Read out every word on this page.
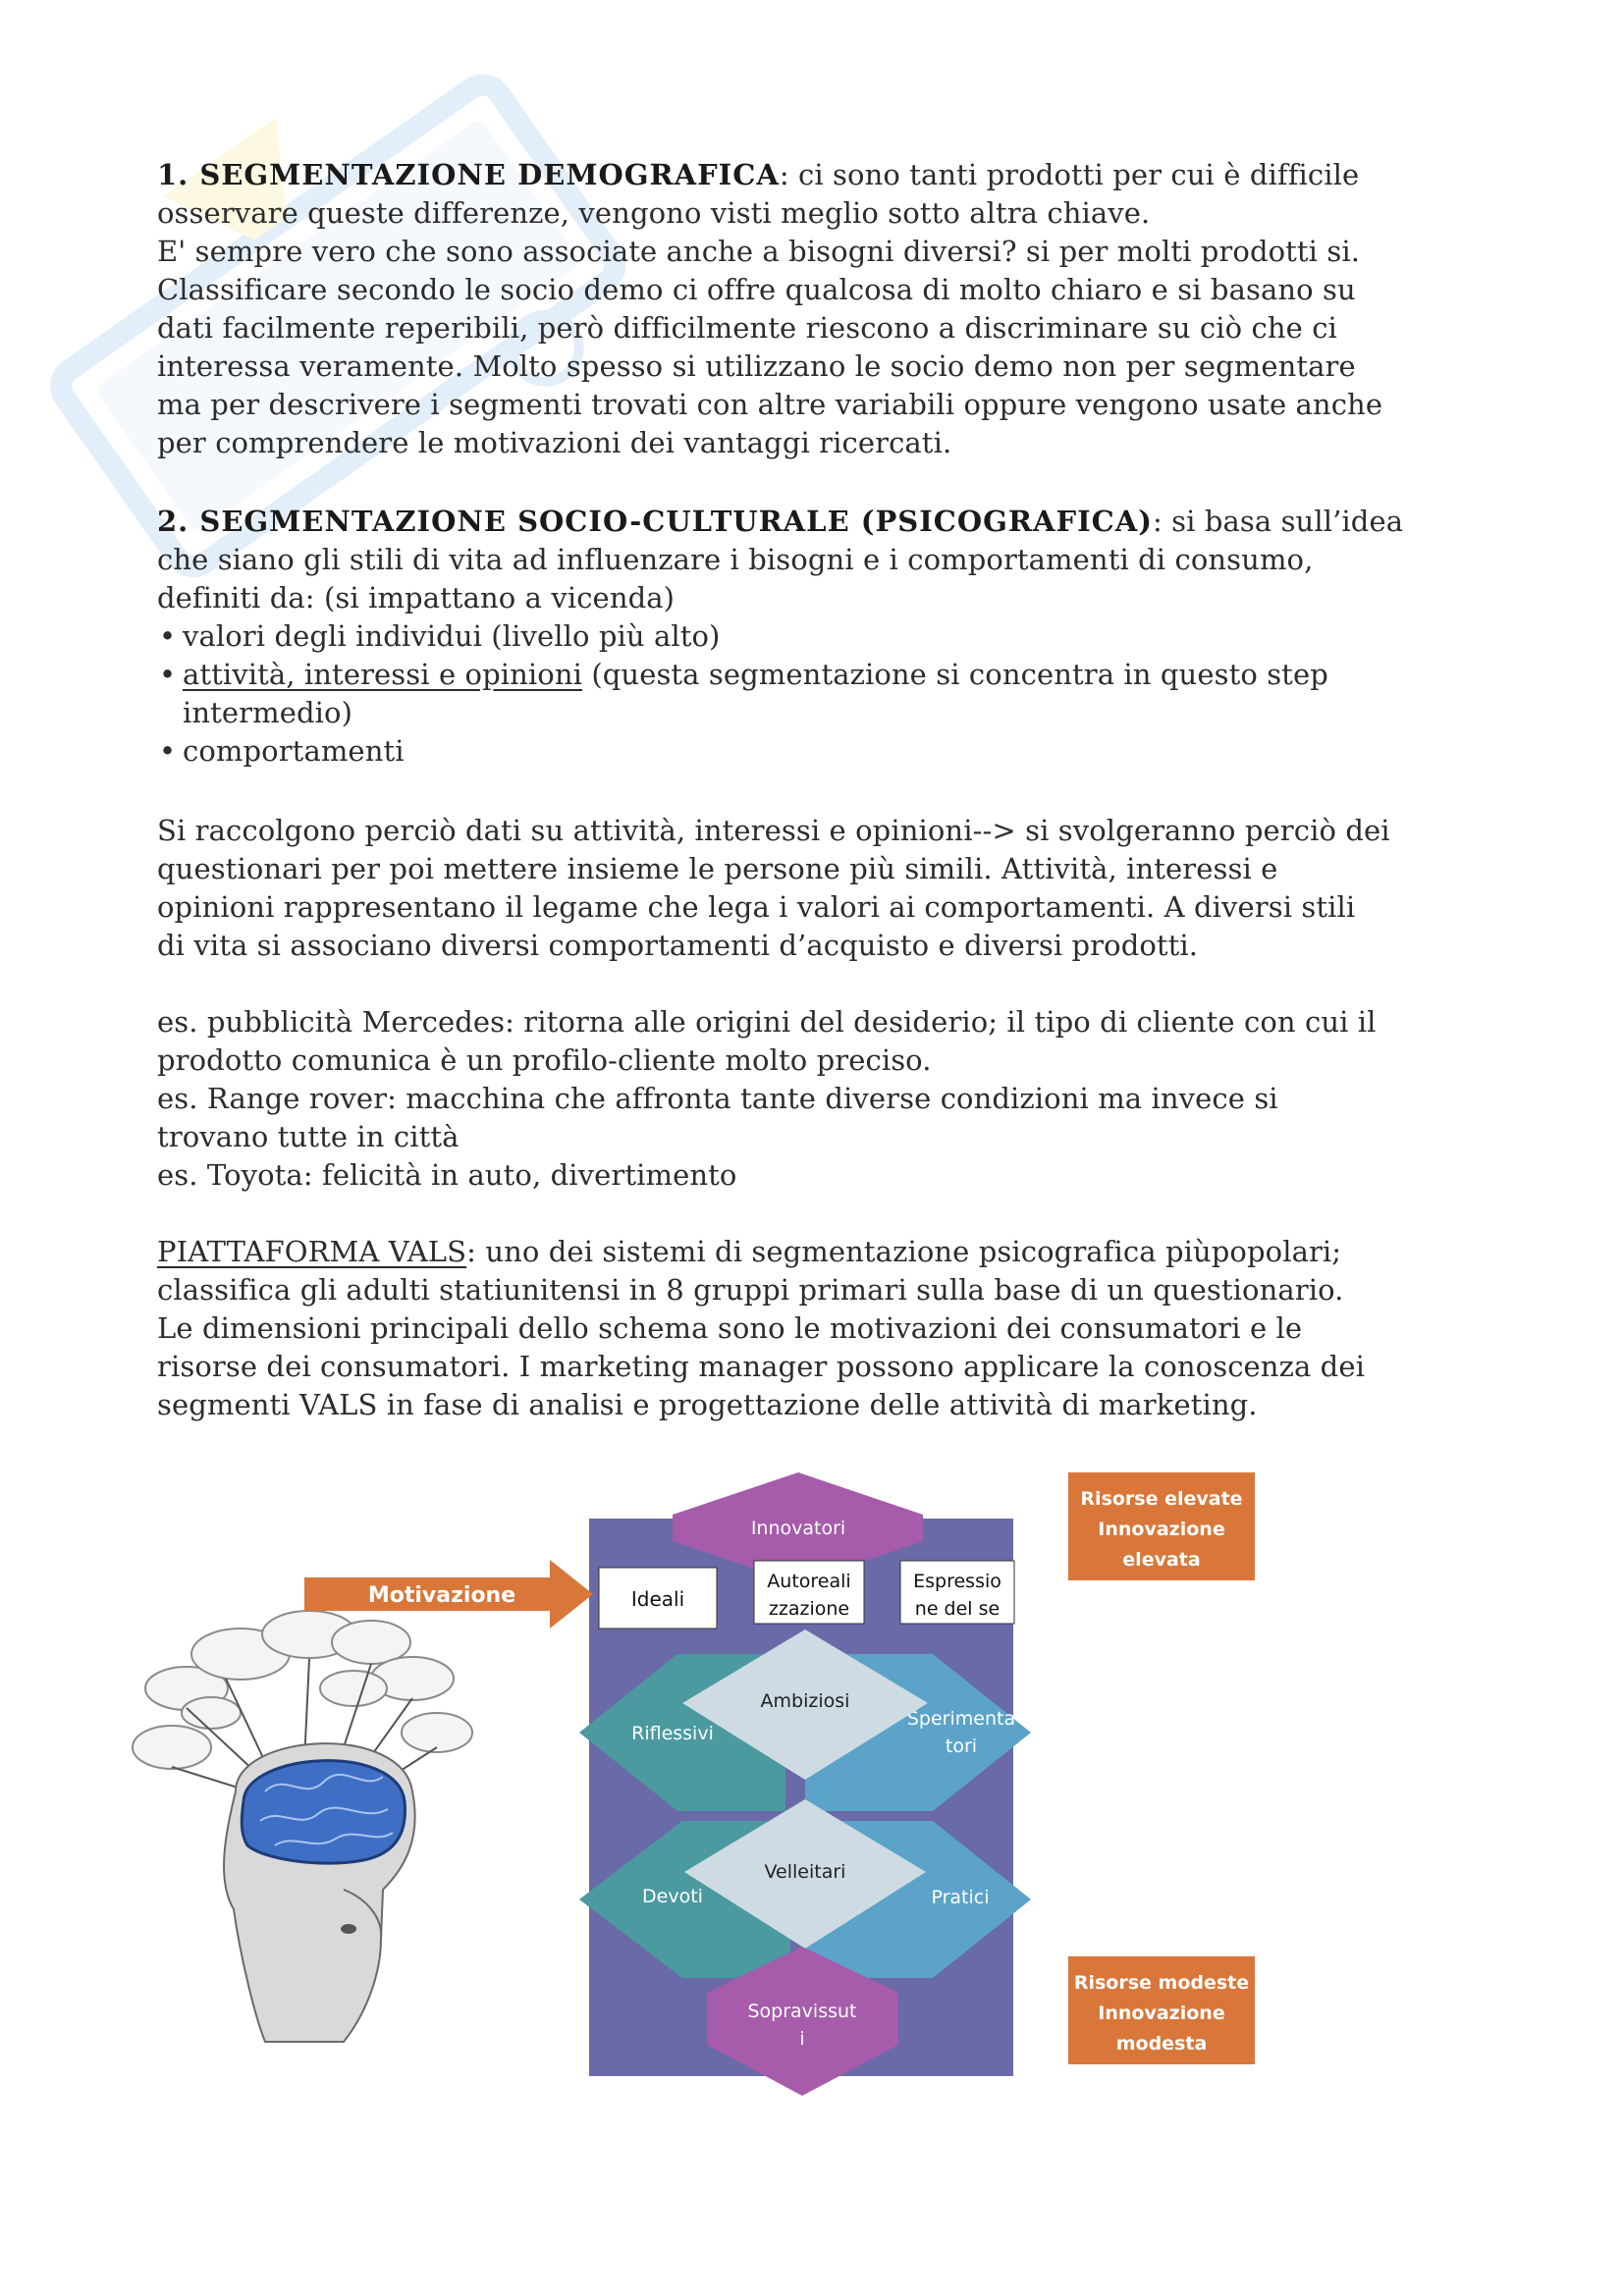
1. SEGMENTAZIONE DEMOGRAFICA: ci sono tanti prodotti per cui è difficile

osservare queste differenze, vengono visti meglio sotto altra chiave.

E' sempre vero che sono associate anche a bisogni diversi? si per molti prodotti si.

Classificare secondo le socio demo ci offre qualcosa di molto chiaro e si basano su

dati facilmente reperibili, però difficilmente riescono a discriminare su ciò che ci

interessa veramente. Molto spesso si utilizzano le socio demo non per segmentare

ma per descrivere i segmenti trovati con altre variabili oppure vengono usate anche

per comprendere le motivazioni dei vantaggi ricercati.

2. SEGMENTAZIONE SOCIO-CULTURALE (PSICOGRAFICA): si basa sull’idea

che siano gli stili di vita ad influenzare i bisogni e i comportamenti di consumo,

definiti da: (si impattano a vicenda)

• valori degli individui (livello più alto)
• attività, interessi e opinioni (questa segmentazione si concentra in questo step
intermedio)
• comportamenti

Si raccolgono perciò dati su attività, interessi e opinioni--> si svolgeranno perciò dei

questionari per poi mettere insieme le persone più simili. Attività, interessi e

opinioni rappresentano il legame che lega i valori ai comportamenti. A diversi stili

di vita si associano diversi comportamenti d’acquisto e diversi prodotti.

es. pubblicità Mercedes: ritorna alle origini del desiderio; il tipo di cliente con cui il

prodotto comunica è un profilo-cliente molto preciso.

es. Range rover: macchina che affronta tante diverse condizioni ma invece si

trovano tutte in città

es. Toyota: felicità in auto, divertimento

PIATTAFORMA VALS: uno dei sistemi di segmentazione psicografica piùpopolari;

classifica gli adulti statiunitensi in 8 gruppi primari sulla base di un questionario.

Le dimensioni principali dello schema sono le motivazioni dei consumatori e le

risorse dei consumatori. I marketing manager possono applicare la conoscenza dei

segmenti VALS in fase di analisi e progettazione delle attività di marketing.

Motivazione
Innovatori
Ideali
Autoreali
zzazione
Espressio
ne del se
Riflessivi
Sperimenta
tori
Ambiziosi
Devoti	Pratici
Velleitari
Sopravissut
i
Risorse elevate
Innovazione
elevata
Risorse modeste
Innovazione
modesta
